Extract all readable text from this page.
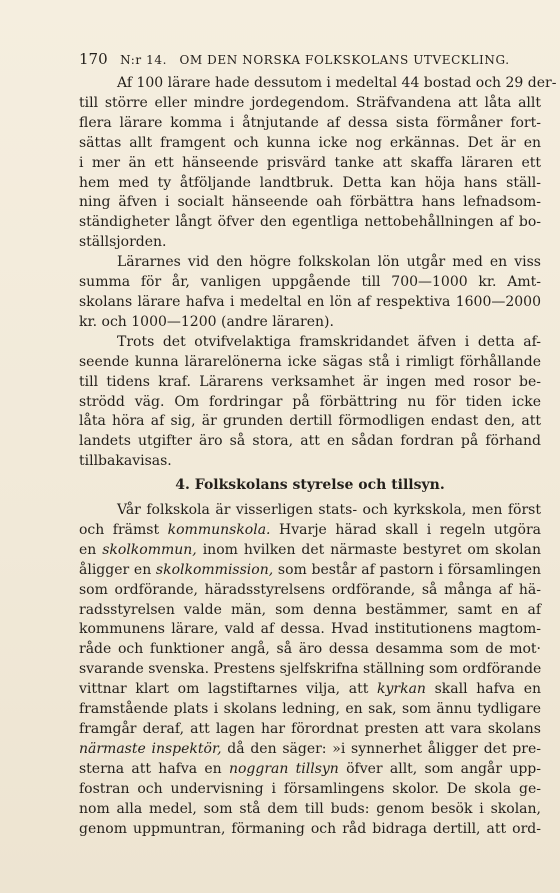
170 N:r 14. OM DEN NORSKA FOLKSKOLANS UTVECKLING.

Af 100 lärare hade dessutom i medeltal 44 bostad och 29 der-
till större eller mindre jordegendom. Sträfvandena att låta allt
flera lärare komma i åtnjutande af dessa sista förmåner fort-
sättas allt framgent och kunna icke nog erkännas. Det är en
i mer än ett hänseende prisvärd tanke att skaffa läraren ett
hem med ty åtföljande landtbruk. Detta kan höja hans ställ-
ning äfven i socialt hänseende oah förbättra hans lefnadsom-
ständigheter långt öfver den egentliga nettobehållningen af bo-
ställsjorden.

Lärarnes vid den högre folkskolan lön utgår med en viss
summa för år, vanligen uppgående till 700—1000 kr. Amt-
skolans lärare hafva i medeltal en lön af respektiva 1600—2000
kr. och 1000—1200 (andre läraren).

Trots det otvifvelaktiga framskridandet äfven i detta af-
seende kunna lärarelönerna icke sägas stå i rimligt förhållande
till tidens kraf. Lärarens verksamhet är ingen med rosor be-
strödd väg. Om fordringar på förbättring nu för tiden icke
låta höra af sig, är grunden dertill förmodligen endast den, att
landets utgifter äro så stora, att en sådan fordran på förhand
tillbakavisas.

4. Folkskolans styrelse och tillsyn.

Vår folkskola är visserligen stats- och kyrkskola, men först
och främst kommunskola. Hvarje härad skall i regeln utgöra
en skolkommun, inom hvilken det närmaste bestyret om skolan
åligger en skolkommission, som består af pastorn i församlingen
som ordförande, häradsstyrelsens ordförande, så många af hä-
radsstyrelsen valde män, som denna bestämmer, samt en af
kommunens lärare, vald af dessa. Hvad institutionens magtom-
råde och funktioner angå, så äro dessa desamma som de mot·
svarande svenska. Prestens sjelfskrifna ställning som ordförande
vittnar klart om lagstiftarnes vilja, att kyrkan skall hafva en
framstående plats i skolans ledning, en sak, som ännu tydligare
framgår deraf, att lagen har förordnat presten att vara skolans
närmaste inspektör, då den säger: »i synnerhet åligger det pre-
sterna att hafva en noggran tillsyn öfver allt, som angår upp-
fostran och undervisning i församlingens skolor. De skola ge-
nom alla medel, som stå dem till buds: genom besök i skolan,
genom uppmuntran, förmaning och råd bidraga dertill, att ord-
